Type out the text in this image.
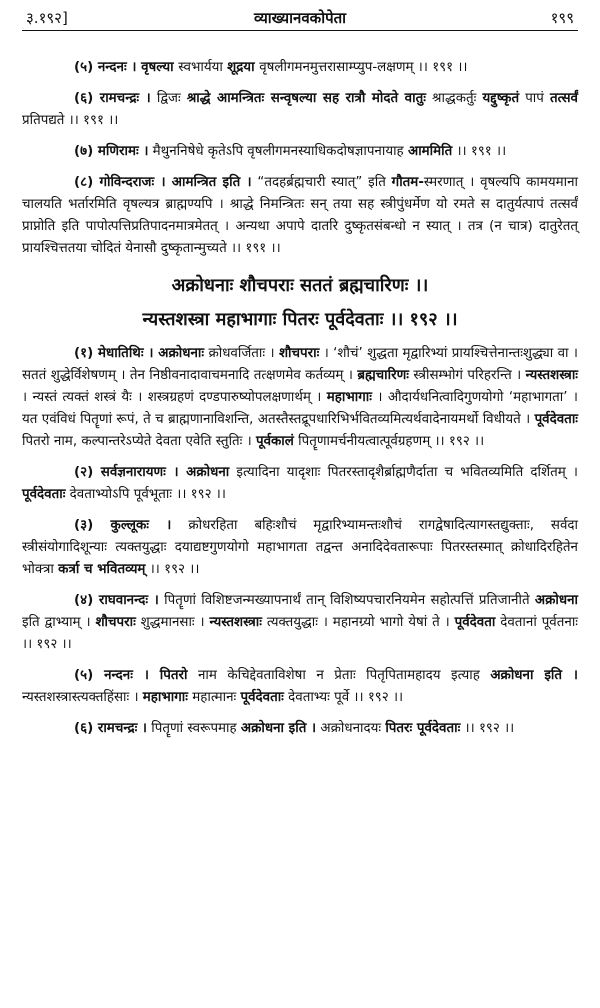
३.१९२]	व्याख्यानवकोपेता	१९९
(५) नन्दनः । वृषल्या स्वभार्यया शूद्रया वृषलीगमनमुत्तरासाम्प्युप-लक्षणम् ।। १९१ ।।
(६) रामचन्द्रः । द्विजः श्राद्धे आमन्त्रितः सन्वृषल्या सह रात्रौ मोदते वातुः श्राद्धकर्तुः यद्दुष्कृतं पापं तत्सर्वं प्रतिपद्यते ।। १९१ ।।
(७) मणिरामः । मैथुननिषेधे कृतेऽपि वृषलीगमनस्याधिकदोषज्ञापनायाह आममिति ।। १९१ ।।
(८) गोविन्दराजः । आमन्त्रित इति । “तदहर्ब्रह्मचारी स्यात्” इति गौतम-स्मरणात् । वृषल्यपि कामयमाना चालयति भर्तारमिति वृषल्यत्र ब्राह्मण्यपि । श्राद्धे निमन्त्रितः सन् तया सह स्त्रीपुंधर्मेण यो रमते स दातुर्यत्पापं तत्सर्वं प्राप्नोति इति पापोत्पत्तिप्रतिपादनमात्रमेतत् । अन्यथा अपापे दातरि दुष्कृतसंबन्धो न स्यात् । तत्र (न चात्र) दातुरेतत् प्रायश्चित्ततया चोदितं येनासौ दुष्कृतान्मुच्यते ।। १९१ ।।
अक्रोधनाः शौचपराः सततं ब्रह्मचारिणः ।।
न्यस्तशस्त्रा महाभागाः पितरः पूर्वदेवताः ।। १९२ ।।
(१) मेधातिथिः । अक्रोधनाः क्रोधवर्जिताः । शौचपराः । ‘शौचं’ शुद्धता मृद्वारिभ्यां प्रायश्चित्तेनान्तःशुद्ध्या वा । सततं शुद्धेर्विशेषणम् । तेन निष्ठीवनादावाचमनादि तत्क्षणमेव कर्तव्यम् । ब्रह्मचारिणः स्त्रीसम्भोगं परिहरन्ति । न्यस्तशस्त्राः । न्यस्तं त्यक्तं शस्त्रं यैः । शस्त्रग्रहणं दण्डपारुष्योपलक्षणार्थम् । महाभागाः । औदार्यधनित्वादिगुणयोगो ‘महाभागता’ । यत एवंविधं पितॄणां रूपं, ते च ब्राह्मणानाविशन्ति, अतस्तैस्तद्रूपधारिभिर्भवितव्यमित्यर्थवादेनायमर्थो विधीयते । पूर्वदेवताः पितरो नाम, कल्पान्तरेऽप्येते देवता एवेति स्तुतिः । पूर्वकालं पितॄणामर्चनीयत्वात्पूर्वग्रहणम् ।। १९२ ।।
(२) सर्वज्ञनारायणः । अक्रोधना इत्यादिना यादृशाः पितरस्तादृशैर्ब्राह्मणैर्दाता च भवितव्यमिति दर्शितम् । पूर्वदेवताः देवताभ्योऽपि पूर्वभूताः ।। १९२ ।।
(३) कुल्लूकः । क्रोधरहिता बहिःशौचं मृद्वारिभ्यामन्तःशौचं रागद्वेषादित्यागस्तद्युक्ताः, सर्वदा स्त्रीसंयोगादिशून्याः त्यक्तयुद्धाः दयाद्यष्टगुणयोगो महाभागता तद्वन्त अनादिदेवतारूपाः पितरस्तस्मात् क्रोधादिरहितेन भोक्त्रा कर्त्रा च भवितव्यम् ।। १९२ ।।
(४) राघवानन्दः । पितॄणां विशिष्टजन्मख्यापनार्थं तान् विशिष्यपचारनियमेन सहोत्पत्तिं प्रतिजानीते अक्रोधना इति द्वाभ्याम् । शौचपराः शुद्धमानसाः । न्यस्तशस्त्राः त्यक्तयुद्धाः । महानग्र्यो भागो येषां ते । पूर्वदेवता देवतानां पूर्वतनाः ।। १९२ ।।
(५) नन्दनः । पितरो नाम केचिद्देवताविशेषा न प्रेताः पितृपितामहादय इत्याह अक्रोधना इति । न्यस्तशस्त्रास्त्यक्तहिंसाः । महाभागाः महात्मानः पूर्वदेवताः देवताभ्यः पूर्वे ।। १९२ ।।
(६) रामचन्द्रः । पितॄणां स्वरूपमाह अक्रोधना इति । अक्रोधनादयः पितरः पूर्वदेवताः ।। १९२ ।।
